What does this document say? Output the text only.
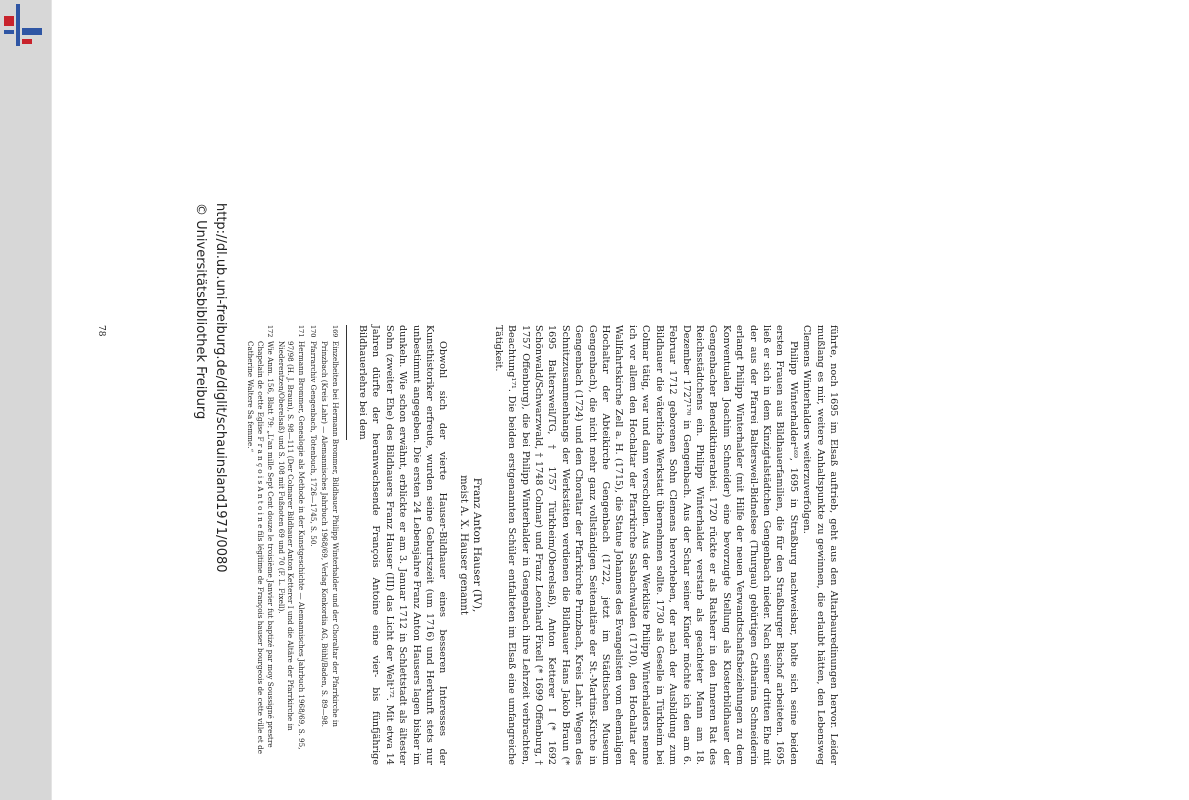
http://dl.ub.uni-freiburg.de/diglit/schauinsland1971/0080
© Universitätsbibliothek Freiburg

führte, noch 1695 im Elsaß auftrieb, geht aus den Altarbauredinungen hervor. Leider mußlang es mir, weitere Anhaltspunkte zu gewinnen, die erlaubt hätten, den Lebensweg Clemens Winterhalders weiterzuverfolgen.

Philipp Winterhalder¹⁶⁹, 1695 in Straßburg nachweisbar, holte sich seine beiden ersten Frauen aus Bildhauerfamilien, die für den Straßburger Bischof arbeiteten. 1695 ließ er sich in dem Kinzigtalstädtchen Gengenbach nieder. Nach seiner dritten Ehe mit der aus der Pfarrei Baltersweil-Bidnelsee (Thurgau) gebürtigen Catharina Schneiderin erlangt Philipp Winterhalder (mit Hilfe der neuen Verwandtschaftsbeziehungen zu dem Konventualen Joachim Schneider) eine bevorzugte Stellung als Klosterbildhauer der Gengenbacher Benediktinerabtei. 1720 rückte er als Ratsherr in den Inneren Rat des Reichsstädtchens ein. Philipp Winterhalder verstarb als geachteter Mann am 18. Dezember 1727¹⁷⁰ in Gengenbach. Aus der Schar seiner Kinder möchte ich den am 6. Februar 1712 geborenen Sohn Clemens hervorheben, der nach der Ausbildung zum Bildhauer die väterliche Werkstatt übernehmen sollte. 1730 als Geselle in Türkheim bei Colmar tätig, war und dann verschollen. Aus der Werkliste Philipp Winterhalders nenne ich vor allem den Hochaltar der Pfarrkirche Sasbachwalden (1710), den Hochaltar der Wallfahrtskirche Zell a. H. (1715), die Statue Johannes des Evangelisten vom ehemaligen Hochaltar der Abteikirche Gengenbach (1722, jetzt im Städtischen Museum Gengenbach), die nicht mehr ganz vollständigen Seitenaltäre der St.-Martins-Kirche in Gengenbach (1724) und den Choraltar der Pfarrkirche Prinzbach, Kreis Lahr. Wegen des Schnitzzusammenhangs der Werkstätten verdienen die Bildhauer Hans Jakob Braun (* 1695 Baltersweil/TG, † 1757 Türkheim/Oberelsaß), Anton Ketterer I (* 1692 Schönwald/Schwarzwald, † 1748 Colmar) und Franz Leonhard Fixell (* 1699 Offenburg, † 1757 Offenburg), die bei Philipp Winterhalder in Gengenbach ihre Lehrzeit verbrachten, Beachtung¹⁷¹. Die beiden erstgenannten Schüler entfalteten im Elsaß eine umfangreiche Tätigkeit.

Franz Anton Hauser (IV),
meist A. X. Hauser genannt

Obwohl sich der vierte Hauser-Bildhauer eines besseren Interesses der Kunsthistoriker erfreute, wurden seine Geburtszeit (um 1716) und Herkunft stets nur unbestimmt angegeben. Die ersten 24 Lebensjahre Franz Anton Hausers lagen bisher im dunkeln. Wie schon erwähnt, erblickte er am 3. Januar 1712 in Schlettstadt als ältester Sohn (zweiter Ehe) des Bildhauers Franz Hauser (III) das Licht der Welt¹⁷². Mit etwa 14 Jahren dürfte der heranwachsende François Antoine eine vier- bis fünfjährige Bildhauerlehre bei dem

169Einzelheiten bei Hermann Brommer, Bildhauer Philipp Winterhalder und der Choraltar der Pfarrkirche in Prinzbach (Kreis Lahr) — Alemannisches Jahrbuch 1968/69, Verlag Konkordia AG, Bühl/Baden, S. 89—98.

170Pfarrarchiv Gengenbach, Totenbuch, 1726—1745, S. 50.

171Hermann Brommer, Genealogie als Methode in der Kunstgeschichte — Alemannisches Jahrbuch 1968/69, S. 95, 97/98 (H. J. Braun), S. 98—111 (Der Colmarer Bildhauer Anton Ketterer I und die Altäre der Pfarrkirche in Niederentzen/Oberelsaß) und S. 108 mit Fußnoten 69 und 70 (F. L. Fixell).

172Wie Anm. 156, Blatt 79: „L'an mille Sept Cent douze le troisième Janvier fut baptizé par moy Soussigné prestre Chapelain de cette Eglise F r a n ç o i s A n t o i n e fils légitime de François hauser bourgeois de cette ville et de Catherine Waltere Sa femme.“

78
